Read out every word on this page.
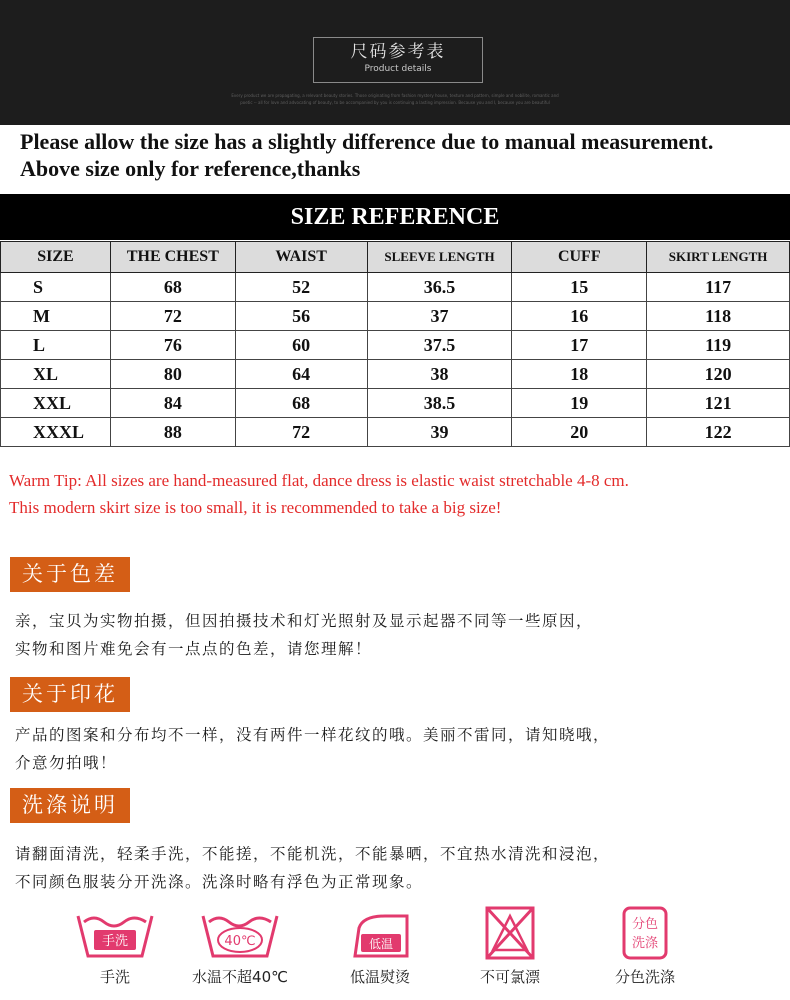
尺码参考表
Product details
Every product we are propagating, a relevant beauty stories. Those originating from fashion mystery house, texture and pattern, simple and nobilite, romantic and
poetic -- all for love and advocating of beauty, to be accompanied by you is continuing a lasting impression. Because you and I, because you are beautiful
Please allow the size has a slightly difference due to manual measurement.
Above size only for reference,thanks
SIZE REFERENCE
SIZE	THE CHEST	WAIST	SLEEVE LENGTH	CUFF	SKIRT LENGTH
S	68	52	36.5	15	117
M	72	56	37	16	118
L	76	60	37.5	17	119
XL	80	64	38	18	120
XXL	84	68	38.5	19	121
XXXL	88	72	39	20	122
Warm Tip: All sizes are hand-measured flat, dance dress is elastic waist stretchable 4-8 cm.
This modern skirt size is too small, it is recommended to take a big size!
关于色差
亲，宝贝为实物拍摄，但因拍摄技术和灯光照射及显示起器不同等一些原因，
实物和图片难免会有一点点的色差，请您理解！
关于印花
产品的图案和分布均不一样，没有两件一样花纹的哦。美丽不雷同，请知晓哦，
介意勿拍哦！
洗涤说明
请翻面清洗，轻柔手洗，不能搓，不能机洗，不能暴晒，不宜热水清洗和浸泡，
不同颜色服装分开洗涤。洗涤时略有浮色为正常现象。
手洗
手洗
40℃
水温不超40℃
低温
低温熨烫	不可氯漂
分色
洗涤
分色洗涤
